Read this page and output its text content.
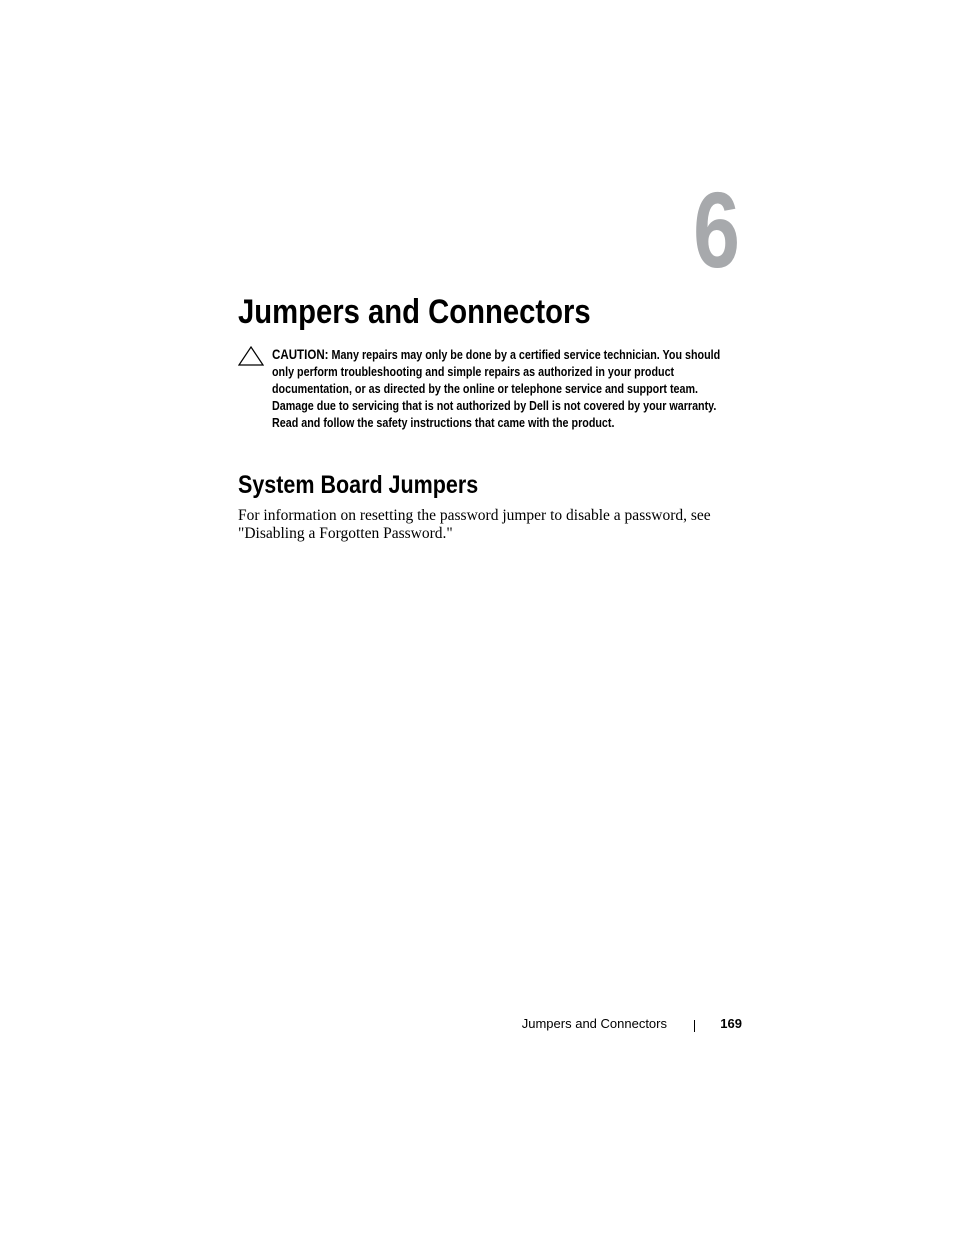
6
Jumpers and Connectors
CAUTION: Many repairs may only be done by a certified service technician. You should only perform troubleshooting and simple repairs as authorized in your product documentation, or as directed by the online or telephone service and support team. Damage due to servicing that is not authorized by Dell is not covered by your warranty. Read and follow the safety instructions that came with the product.
System Board Jumpers

For information on resetting the password jumper to disable a password, see "Disabling a Forgotten Password."

Jumpers and Connectors	169
